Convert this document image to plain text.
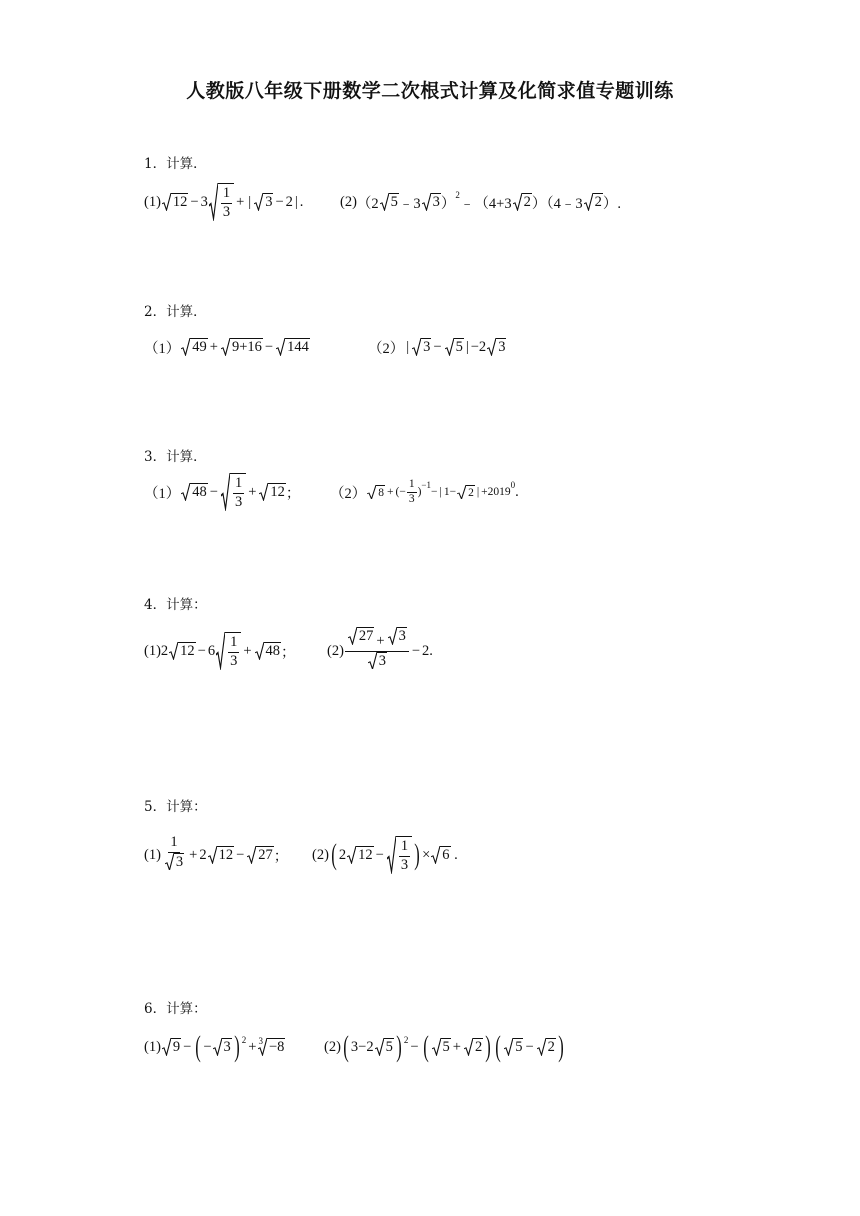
人教版八年级下册数学二次根式计算及化简求值专题训练
1．计算．
(1) $12 - 3 \frac{1}{3}$ + | 3 − 2 | .	(2) （2 5 ﹣3 3 ）
2
﹣（4+3 2 ）（4﹣3 2 ）.
2．计算．
（1） 49 + 9+16 − 144	（2） | 3 − 5 | −2 3
3．计算．
（1） $48 - \frac{1}{3} + 12$ ； （2） 8 + (− $\frac{1}{3}$ )
−1
− | 1− 2 | +2019
0 .
4．计算：
(1) 2 $12 - 6 \frac{1}{3} + 48$ ； $(2) \frac{27 + 3}{3} - 2$.
5．计算：
$(1) \frac{1}{3} + 2$ 12 − 27 ； (2) ( 2 $12 - \frac{1}{3}$ ) × 6 .
6．计算：
(1) 9 − ( − 3 ) 2 + 3 −8	(2) ( 3−2 5 ) 2 − ( 5 + 2 ) ( 5 − 2 )
